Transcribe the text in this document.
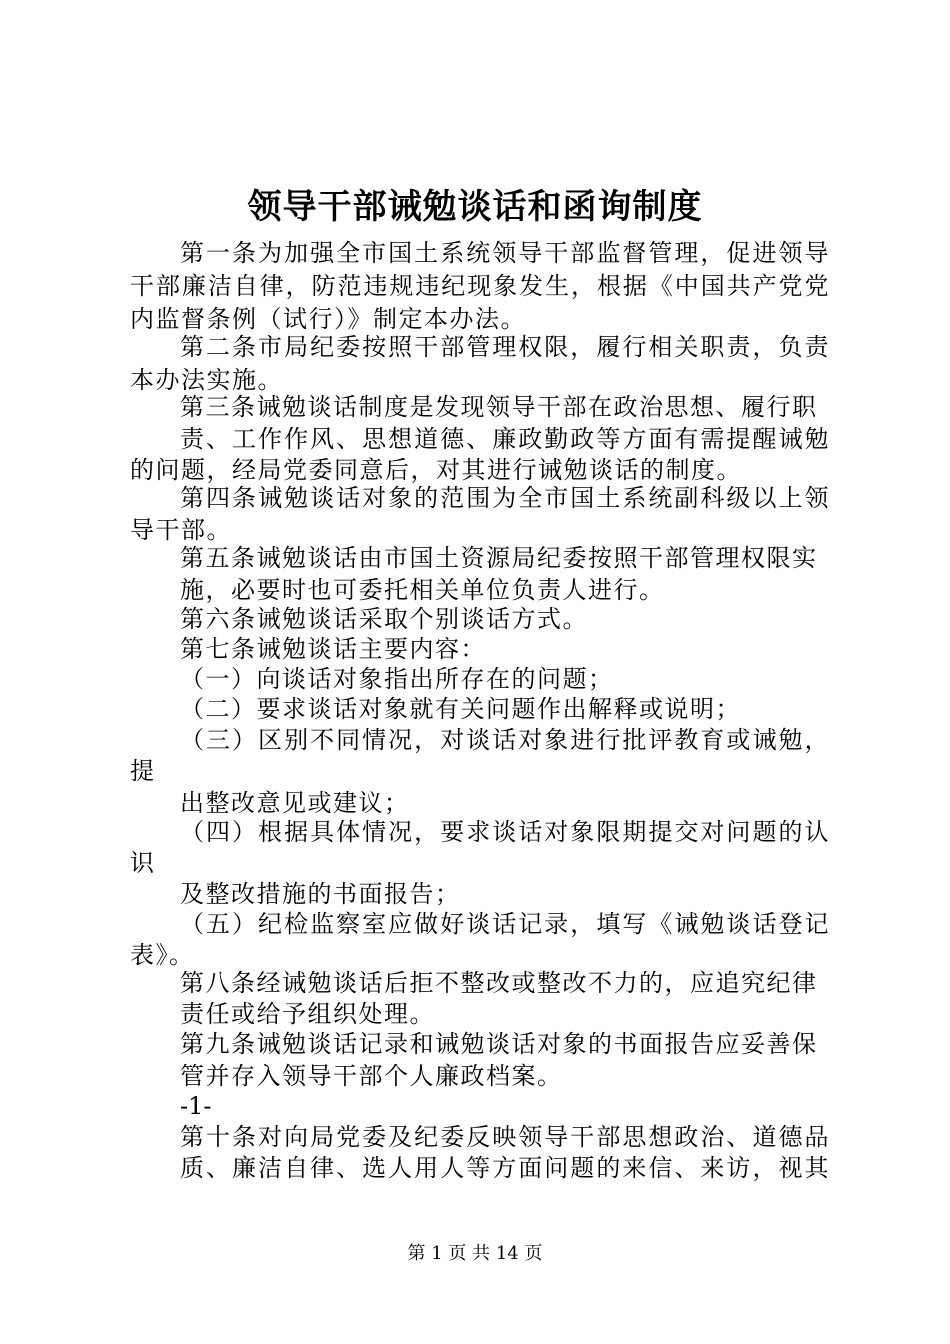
领导干部诫勉谈话和函询制度
第一条为加强全市国土系统领导干部监督管理，促进领导
干部廉洁自律，防范违规违纪现象发生，根据《中国共产党党
内监督条例（试行）》制定本办法。
第二条市局纪委按照干部管理权限，履行相关职责，负责
本办法实施。
第三条诫勉谈话制度是发现领导干部在政治思想、履行职
责、工作作风、思想道德、廉政勤政等方面有需提醒诫勉
的问题，经局党委同意后，对其进行诫勉谈话的制度。
第四条诫勉谈话对象的范围为全市国土系统副科级以上领
导干部。
第五条诫勉谈话由市国土资源局纪委按照干部管理权限实
施，必要时也可委托相关单位负责人进行。
第六条诫勉谈话采取个别谈话方式。
第七条诫勉谈话主要内容：
（一）向谈话对象指出所存在的问题；
（二）要求谈话对象就有关问题作出解释或说明；
（三）区别不同情况，对谈话对象进行批评教育或诫勉，
提
出整改意见或建议；
（四）根据具体情况，要求谈话对象限期提交对问题的认
识
及整改措施的书面报告；
（五）纪检监察室应做好谈话记录，填写《诫勉谈话登记
表》。
第八条经诫勉谈话后拒不整改或整改不力的，应追究纪律
责任或给予组织处理。
第九条诫勉谈话记录和诫勉谈话对象的书面报告应妥善保
管并存入领导干部个人廉政档案。
-1-
第十条对向局党委及纪委反映领导干部思想政治、道德品
质、廉洁自律、选人用人等方面问题的来信、来访，视其
第 1 页 共 14 页
